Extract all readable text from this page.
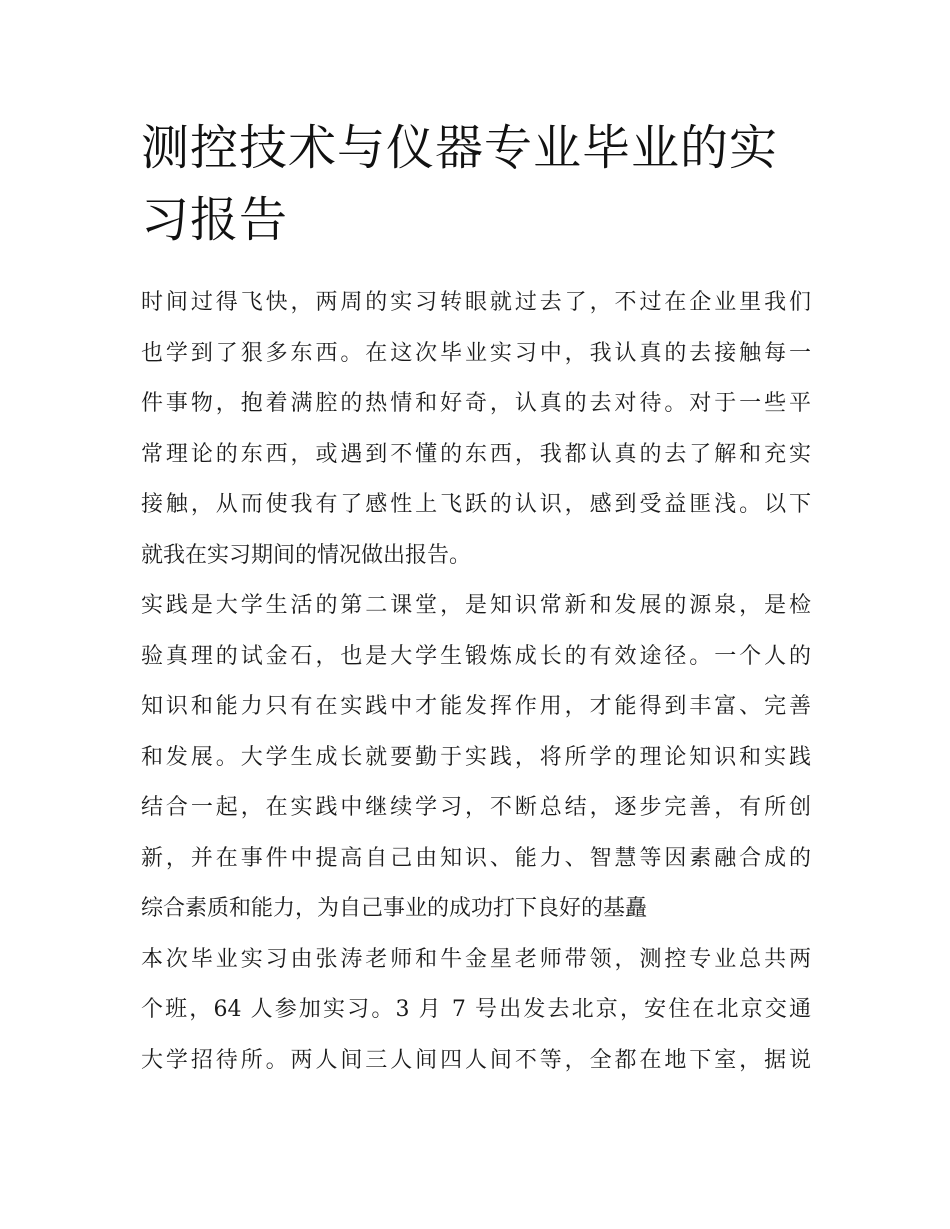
测控技术与仪器专业毕业的实
习报告

时间过得飞快，两周的实习转眼就过去了，不过在企业里我们
也学到了狠多东西。在这次毕业实习中，我认真的去接触每一
件事物，抱着满腔的热情和好奇，认真的去对待。对于一些平
常理论的东西，或遇到不懂的东西，我都认真的去了解和充实
接触，从而使我有了感性上飞跃的认识，感到受益匪浅。以下
就我在实习期间的情况做出报告。

实践是大学生活的第二课堂，是知识常新和发展的源泉，是检
验真理的试金石，也是大学生锻炼成长的有效途径。一个人的
知识和能力只有在实践中才能发挥作用，才能得到丰富、完善
和发展。大学生成长就要勤于实践，将所学的理论知识和实践
结合一起，在实践中继续学习，不断总结，逐步完善，有所创
新，并在事件中提高自己由知识、能力、智慧等因素融合成的
综合素质和能力，为自己事业的成功打下良好的基矗

本次毕业实习由张涛老师和牛金星老师带领，测控专业总共两
个班，64 人参加实习。3 月 7 号出发去北京，安住在北京交通
大学招待所。两人间三人间四人间不等，全都在地下室，据说
